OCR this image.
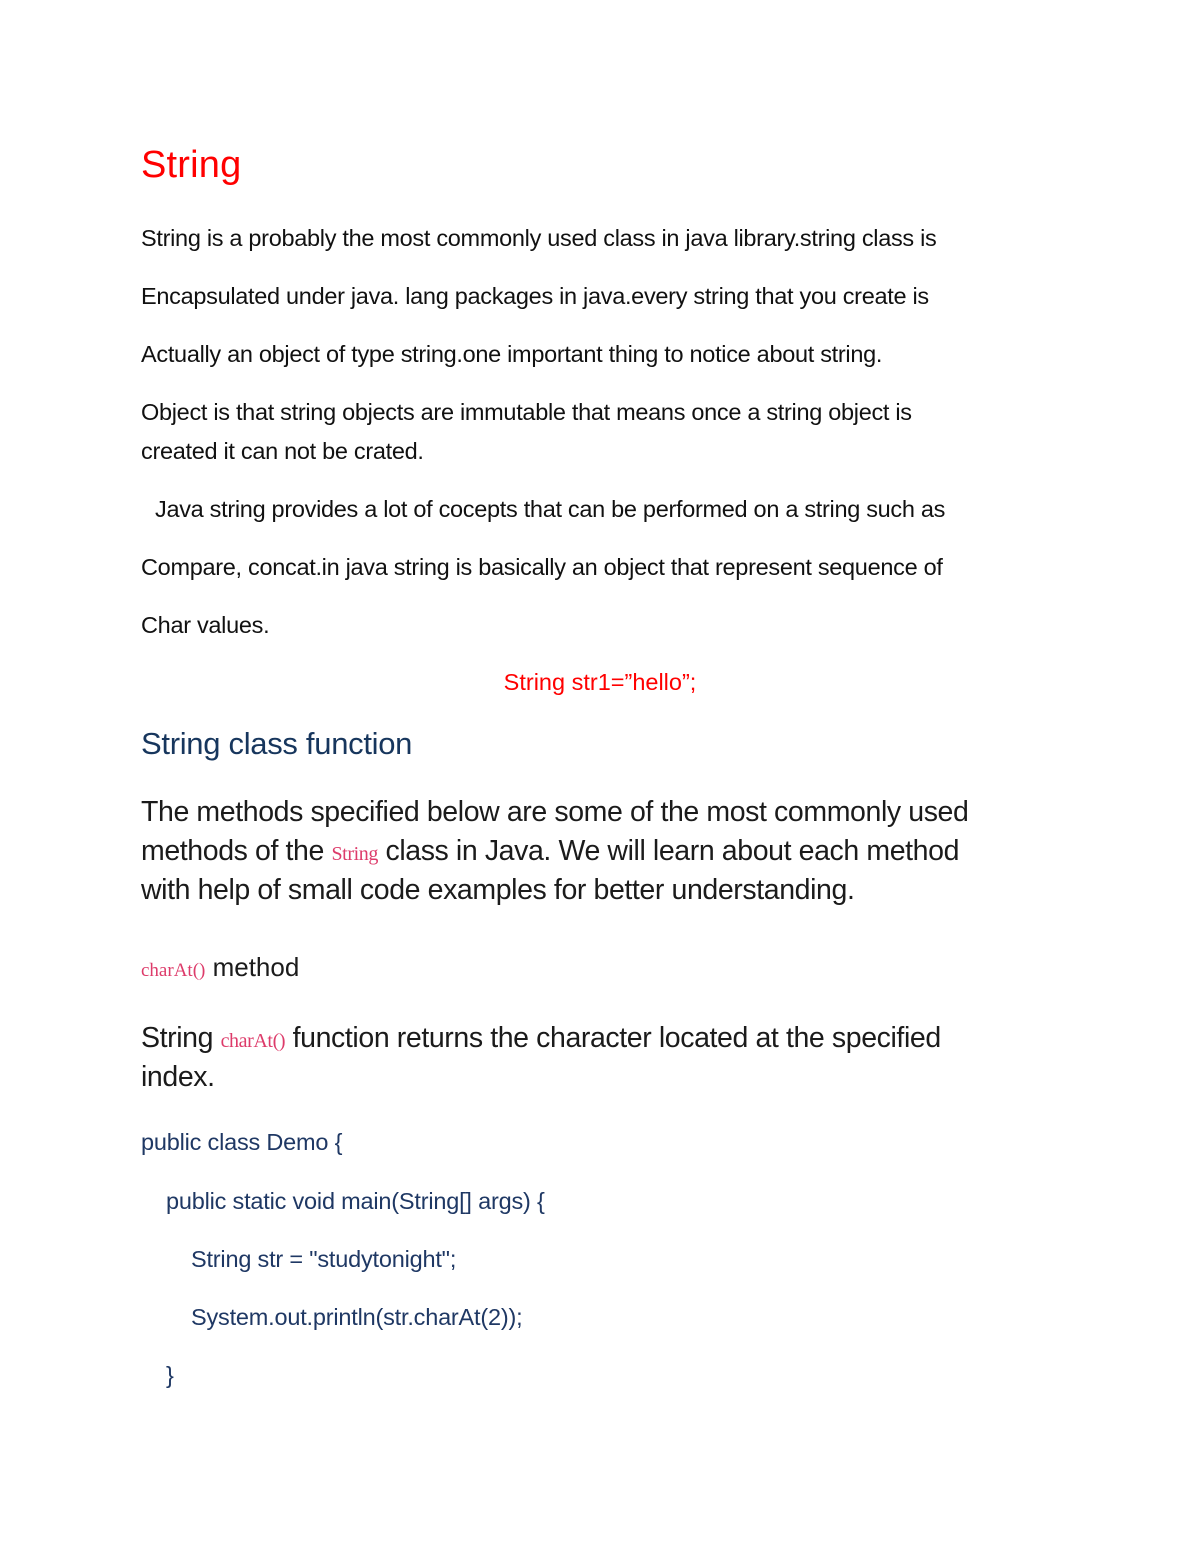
String
String is a probably the most commonly used class in java library.string class is
Encapsulated under java. lang packages in java.every string that you create is
Actually an object of type string.one important thing to notice about string.
Object is that string objects are immutable that means once a string object is
created it can not be crated.
Java string provides a lot of cocepts that can be performed on a string such as
Compare, concat.in java string is basically an object that represent sequence of
Char values.
String str1=”hello”;
String class function
The methods specified below are some of the most commonly used
methods of the String class in Java. We will learn about each method
with help of small code examples for better understanding.
charAt() method
String charAt() function returns the character located at the specified
index.
public class Demo {
public static void main(String[] args) {
String str = "studytonight";
System.out.println(str.charAt(2));
}
